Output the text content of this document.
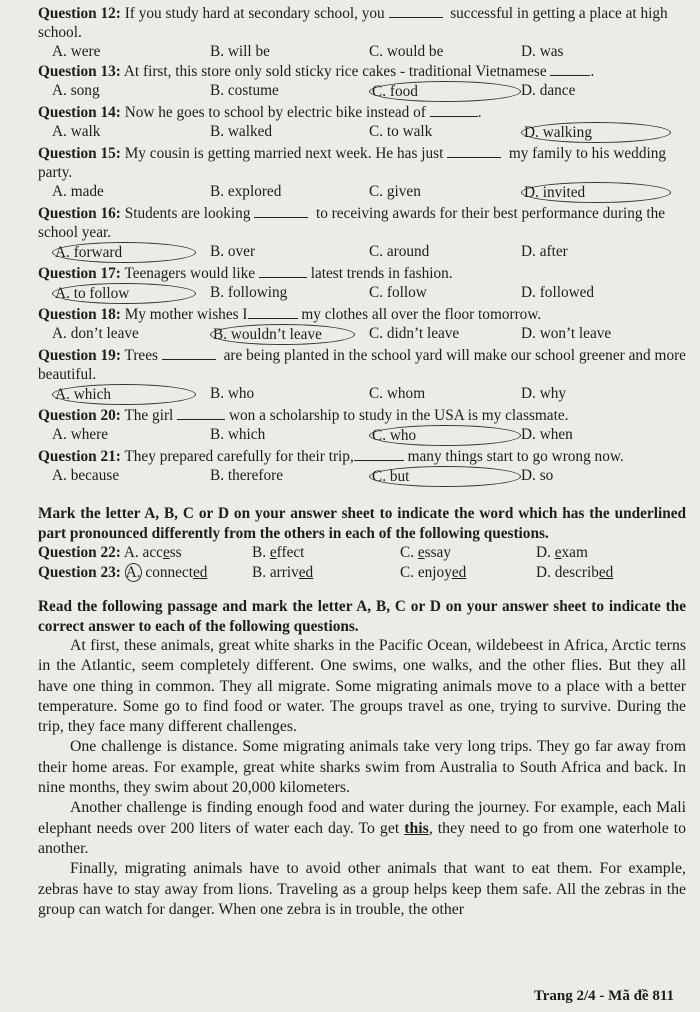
Question 12: If you study hard at secondary school, you	successful in getting a place at high school.

A. were	B. will be	C. would be	D. was

Question 13: At first, this store only sold sticky rice cakes - traditional Vietnamese	.

A. song	B. costume	C. food	D. dance

Question 14: Now he goes to school by electric bike instead of	.

A. walk	B. walked	C. to walk	D. walking

Question 15: My cousin is getting married next week. He has just	my family to his wedding party.

A. made	B. explored	C. given	D. invited

Question 16: Students are looking	to receiving awards for their best performance during the school year.

A. forward	B. over	C. around	D. after

Question 17: Teenagers would like	latest trends in fashion.

A. to follow	B. following	C. follow	D. followed

Question 18: My mother wishes I	my clothes all over the floor tomorrow.

A. don’t leave	B. wouldn’t leave	C. didn’t leave	D. won’t leave

Question 19: Trees	are being planted in the school yard will make our school greener and more beautiful.

A. which	B. who	C. whom	D. why

Question 20: The girl	won a scholarship to study in the USA is my classmate.

A. where	B. which	C. who	D. when

Question 21: They prepared carefully for their trip,	many things start to go wrong now.

A. because	B. therefore	C. but	D. so

Mark the letter A, B, C or D on your answer sheet to indicate the word which has the underlined part pronounced differently from the others in each of the following questions.

Question 22: A. access	B. effect	C. essay	D. exam
Question 23: A. connected	B. arrived	C. enjoyed	D. described

Read the following passage and mark the letter A, B, C or D on your answer sheet to indicate the correct answer to each of the following questions.

At first, these animals, great white sharks in the Pacific Ocean, wildebeest in Africa, Arctic terns in the Atlantic, seem completely different. One swims, one walks, and the other flies. But they all have one thing in common. They all migrate. Some migrating animals move to a place with a better temperature. Some go to find food or water. The groups travel as one, trying to survive. During the trip, they face many different challenges.

One challenge is distance. Some migrating animals take very long trips. They go far away from their home areas. For example, great white sharks swim from Australia to South Africa and back. In nine months, they swim about 20,000 kilometers.

Another challenge is finding enough food and water during the journey. For example, each Mali elephant needs over 200 liters of water each day. To get this, they need to go from one waterhole to another.

Finally, migrating animals have to avoid other animals that want to eat them. For example, zebras have to stay away from lions. Traveling as a group helps keep them safe. All the zebras in the group can watch for danger. When one zebra is in trouble, the other

Trang 2/4 - Mã đề 811
